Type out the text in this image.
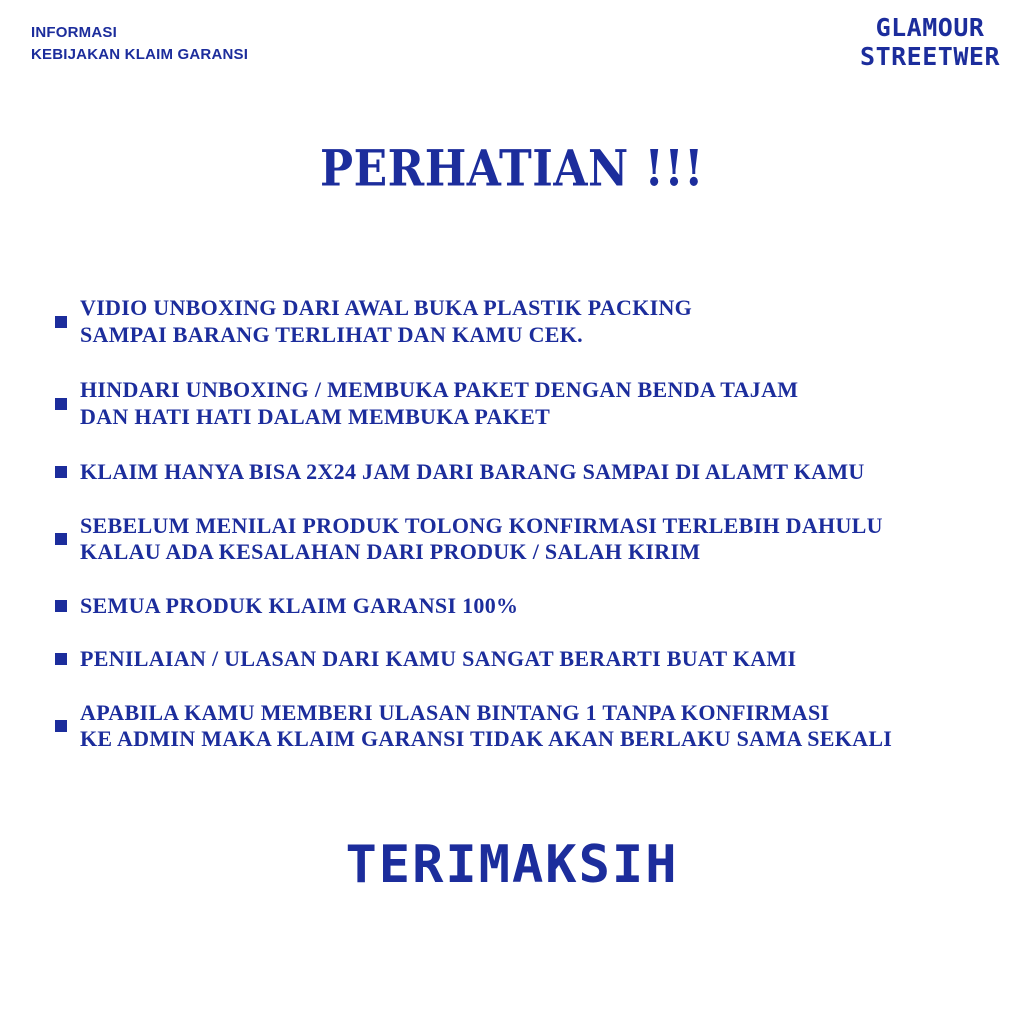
INFORMASI
KEBIJAKAN KLAIM GARANSI
GLAMOUR
STREETWER
PERHATIAN !!!
VIDIO UNBOXING DARI AWAL BUKA PLASTIK PACKING
SAMPAI BARANG TERLIHAT DAN KAMU CEK.
HINDARI UNBOXING / MEMBUKA PAKET DENGAN BENDA TAJAM
DAN HATI HATI DALAM MEMBUKA PAKET
KLAIM HANYA BISA 2X24 JAM DARI BARANG SAMPAI DI ALAMT KAMU
SEBELUM MENILAI PRODUK TOLONG KONFIRMASI TERLEBIH DAHULU
KALAU ADA KESALAHAN DARI PRODUK / SALAH KIRIM
SEMUA PRODUK KLAIM GARANSI 100%
PENILAIAN / ULASAN DARI KAMU SANGAT BERARTI BUAT KAMI
APABILA KAMU MEMBERI ULASAN BINTANG 1 TANPA KONFIRMASI
KE ADMIN MAKA KLAIM GARANSI TIDAK AKAN BERLAKU SAMA SEKALI
TERIMAKSIH
